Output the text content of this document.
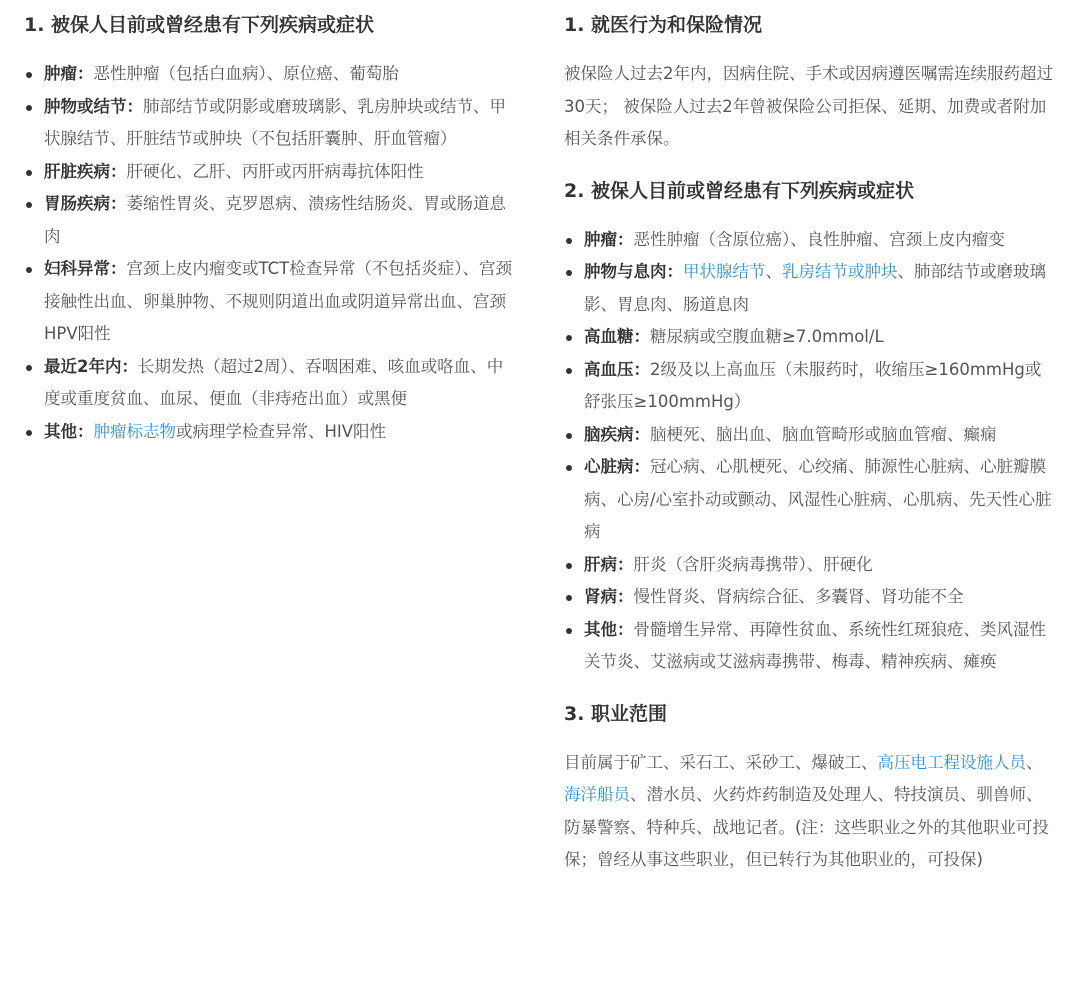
1. 被保人目前或曾经患有下列疾病或症状
肿瘤：恶性肿瘤（包括白血病）、原位癌、葡萄胎
肿物或结节：肺部结节或阴影或磨玻璃影、乳房肿块或结节、甲状腺结节、肝脏结节或肿块（不包括肝囊肿、肝血管瘤）
肝脏疾病：肝硬化、乙肝、丙肝或丙肝病毒抗体阳性
胃肠疾病：萎缩性胃炎、克罗恩病、溃疡性结肠炎、胃或肠道息肉
妇科异常：宫颈上皮内瘤变或TCT检查异常（不包括炎症）、宫颈接触性出血、卵巢肿物、不规则阴道出血或阴道异常出血、宫颈HPV阳性
最近2年内：长期发热（超过2周）、吞咽困难、咳血或咯血、中度或重度贫血、血尿、便血（非痔疮出血）或黑便
其他：肿瘤标志物或病理学检查异常、HIV阳性
1. 就医行为和保险情况

被保险人过去2年内，因病住院、手术或因病遵医嘱需连续服药超过30天； 被保险人过去2年曾被保险公司拒保、延期、加费或者附加相关条件承保。

2. 被保人目前或曾经患有下列疾病或症状
肿瘤：恶性肿瘤（含原位癌）、良性肿瘤、宫颈上皮内瘤变
肿物与息肉：甲状腺结节、乳房结节或肿块、肺部结节或磨玻璃影、胃息肉、肠道息肉
高血糖：糖尿病或空腹血糖≥7.0mmol/L
高血压：2级及以上高血压（未服药时，收缩压≥160mmHg或舒张压≥100mmHg）
脑疾病：脑梗死、脑出血、脑血管畸形或脑血管瘤、癫痫
心脏病：冠心病、心肌梗死、心绞痛、肺源性心脏病、心脏瓣膜病、心房/心室扑动或颤动、风湿性心脏病、心肌病、先天性心脏病
肝病：肝炎（含肝炎病毒携带）、肝硬化
肾病：慢性肾炎、肾病综合征、多囊肾、肾功能不全
其他：骨髓增生异常、再障性贫血、系统性红斑狼疮、类风湿性关节炎、艾滋病或艾滋病毒携带、梅毒、精神疾病、瘫痪
3. 职业范围

目前属于矿工、采石工、采砂工、爆破工、高压电工程设施人员、海洋船员、潜水员、火药炸药制造及处理人、特技演员、驯兽师、防暴警察、特种兵、战地记者。(注：这些职业之外的其他职业可投保；曾经从事这些职业，但已转行为其他职业的，可投保)
